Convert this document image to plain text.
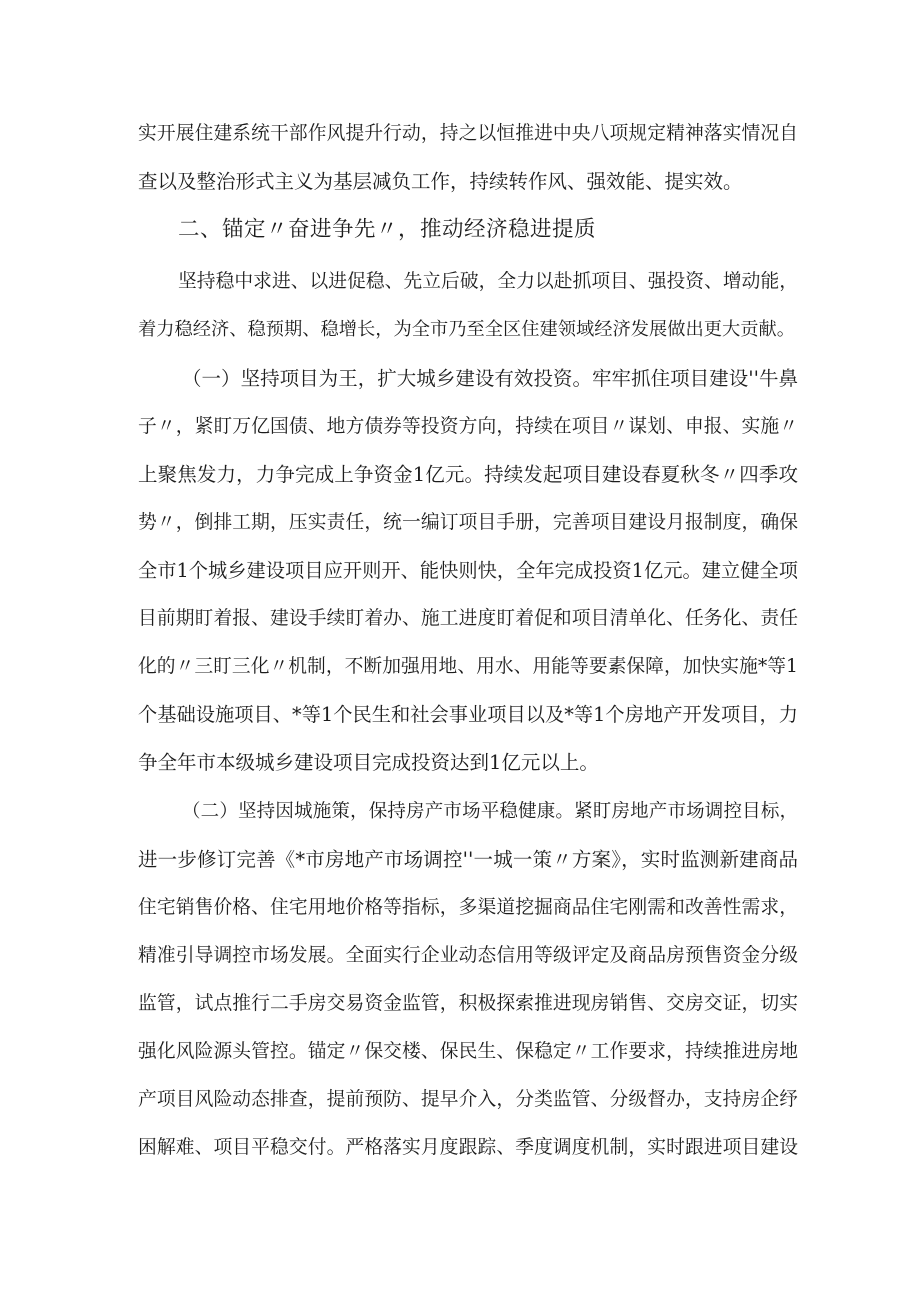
实开展住建系统干部作风提升行动，持之以恒推进中央八项规定精神落实情况自
查以及整治形式主义为基层减负工作，持续转作风、强效能、提实效。
二、锚定〃奋进争先〃，推动经济稳进提质
坚持稳中求进、以进促稳、先立后破，全力以赴抓项目、强投资、增动能，
着力稳经济、稳预期、稳增长，为全市乃至全区住建领域经济发展做出更大贡献。
（一）坚持项目为王，扩大城乡建设有效投资。牢牢抓住项目建设''牛鼻
子〃，紧盯万亿国债、地方债券等投资方向，持续在项目〃谋划、申报、实施〃
上聚焦发力，力争完成上争资金1亿元。持续发起项目建设春夏秋冬〃四季攻
势〃，倒排工期，压实责任，统一编订项目手册，完善项目建设月报制度，确保
全市1个城乡建设项目应开则开、能快则快，全年完成投资1亿元。建立健全项
目前期盯着报、建设手续盯着办、施工进度盯着促和项目清单化、任务化、责任
化的〃三盯三化〃机制，不断加强用地、用水、用能等要素保障，加快实施*等1
个基础设施项目、*等1个民生和社会事业项目以及*等1个房地产开发项目，力
争全年市本级城乡建设项目完成投资达到1亿元以上。
（二）坚持因城施策，保持房产市场平稳健康。紧盯房地产市场调控目标，
进一步修订完善《*市房地产市场调控''一城一策〃方案》，实时监测新建商品
住宅销售价格、住宅用地价格等指标，多渠道挖掘商品住宅刚需和改善性需求，
精准引导调控市场发展。全面实行企业动态信用等级评定及商品房预售资金分级
监管，试点推行二手房交易资金监管，积极探索推进现房销售、交房交证，切实
强化风险源头管控。锚定〃保交楼、保民生、保稳定〃工作要求，持续推进房地
产项目风险动态排查，提前预防、提早介入，分类监管、分级督办，支持房企纾
困解难、项目平稳交付。严格落实月度跟踪、季度调度机制，实时跟进项目建设
